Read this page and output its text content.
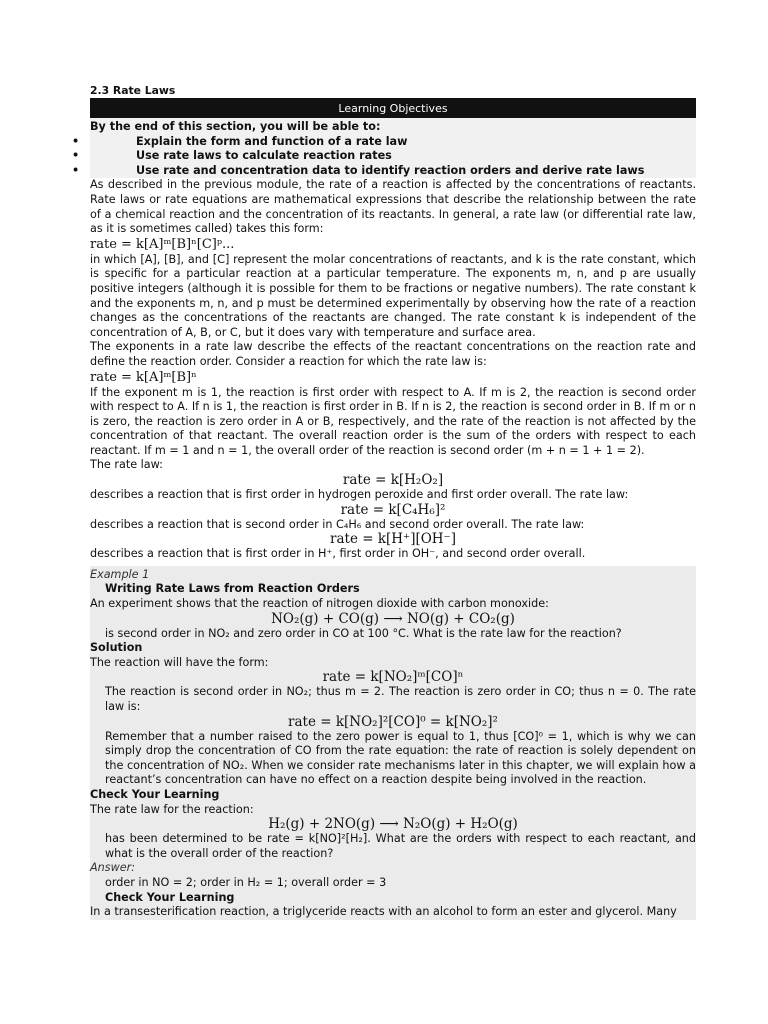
2.3 Rate Laws

Learning Objectives

By the end of this section, you will be able to:

•	Explain the form and function of a rate law

•	Use rate laws to calculate reaction rates

•	Use rate and concentration data to identify reaction orders and derive rate laws

As described in the previous module, the rate of a reaction is affected by the concentrations of reactants. Rate laws or rate equations are mathematical expressions that describe the relationship between the rate of a chemical reaction and the concentration of its reactants. In general, a rate law (or differential rate law, as it is sometimes called) takes this form:

rate = k[A]ᵐ[B]ⁿ[C]ᵖ...

in which [A], [B], and [C] represent the molar concentrations of reactants, and k is the rate constant, which is specific for a particular reaction at a particular temperature. The exponents m, n, and p are usually positive integers (although it is possible for them to be fractions or negative numbers). The rate constant k and the exponents m, n, and p must be determined experimentally by observing how the rate of a reaction changes as the concentrations of the reactants are changed. The rate constant k is independent of the concentration of A, B, or C, but it does vary with temperature and surface area.

The exponents in a rate law describe the effects of the reactant concentrations on the reaction rate and define the reaction order. Consider a reaction for which the rate law is:

rate = k[A]ᵐ[B]ⁿ

If the exponent m is 1, the reaction is first order with respect to A. If m is 2, the reaction is second order with respect to A. If n is 1, the reaction is first order in B. If n is 2, the reaction is second order in B. If m or n is zero, the reaction is zero order in A or B, respectively, and the rate of the reaction is not affected by the concentration of that reactant. The overall reaction order is the sum of the orders with respect to each reactant. If m = 1 and n = 1, the overall order of the reaction is second order (m + n = 1 + 1 = 2).

The rate law:

rate = k[H₂O₂]

describes a reaction that is first order in hydrogen peroxide and first order overall. The rate law:

rate = k[C₄H₆]²

describes a reaction that is second order in C₄H₆ and second order overall. The rate law:

rate = k[H⁺][OH⁻]

describes a reaction that is first order in H⁺, first order in OH⁻, and second order overall.

Example 1

Writing Rate Laws from Reaction Orders

An experiment shows that the reaction of nitrogen dioxide with carbon monoxide:

NO₂(g) + CO(g) ⟶ NO(g) + CO₂(g)

is second order in NO₂ and zero order in CO at 100 °C. What is the rate law for the reaction?

Solution

The reaction will have the form:

rate = k[NO₂]ᵐ[CO]ⁿ

The reaction is second order in NO₂; thus m = 2. The reaction is zero order in CO; thus n = 0. The rate law is:

rate = k[NO₂]²[CO]⁰ = k[NO₂]²

Remember that a number raised to the zero power is equal to 1, thus [CO]⁰ = 1, which is why we can simply drop the concentration of CO from the rate equation: the rate of reaction is solely dependent on the concentration of NO₂. When we consider rate mechanisms later in this chapter, we will explain how a reactant’s concentration can have no effect on a reaction despite being involved in the reaction.

Check Your Learning

The rate law for the reaction:

H₂(g) + 2NO(g) ⟶ N₂O(g) + H₂O(g)

has been determined to be rate = k[NO]²[H₂]. What are the orders with respect to each reactant, and what is the overall order of the reaction?

Answer:

order in NO = 2; order in H₂ = 1; overall order = 3

Check Your Learning

In a transesterification reaction, a triglyceride reacts with an alcohol to form an ester and glycerol. Many
